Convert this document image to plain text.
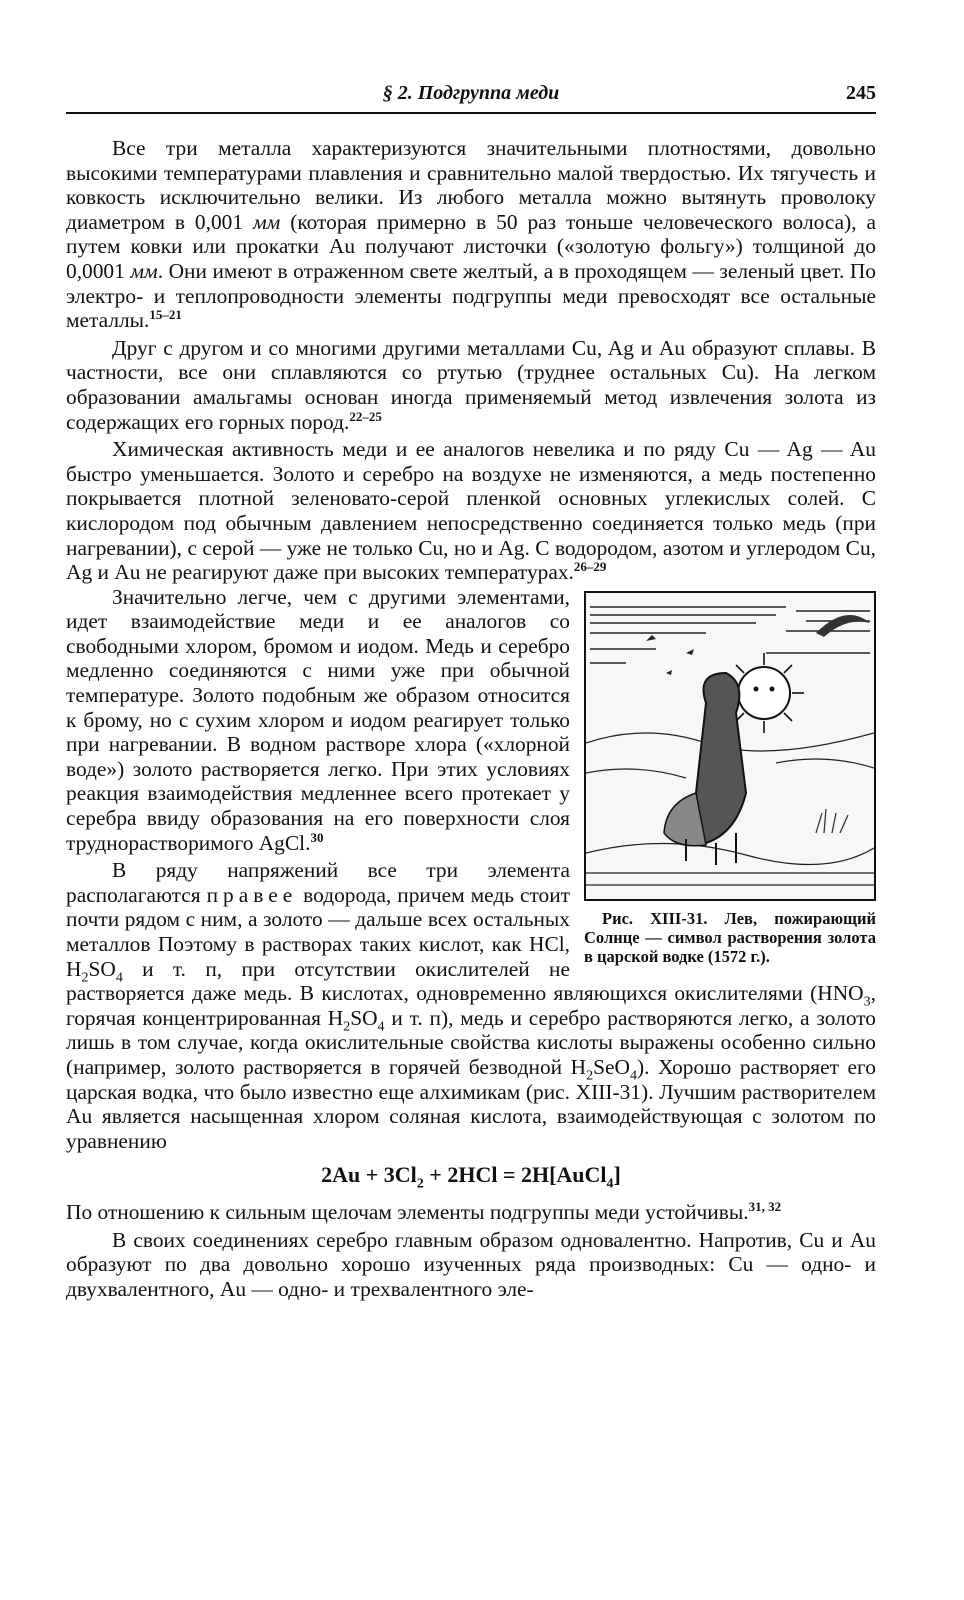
§ 2. Подгруппа меди	245

Все три металла характеризуются значительными плотностями, довольно высокими температурами плавления и сравнительно малой твердостью. Их тягучесть и ковкость исключительно велики. Из любого металла можно вытянуть проволоку диаметром в 0,001 мм (которая примерно в 50 раз тоньше человеческого волоса), а путем ковки или прокатки Au получают листочки («золотую фольгу») толщиной до 0,0001 мм. Они имеют в отраженном свете желтый, а в проходящем — зеленый цвет. По электро- и теплопроводности элементы подгруппы меди превосходят все остальные металлы.$^{15-21}$

Друг с другом и со многими другими металлами Cu, Ag и Au образуют сплавы. В частности, все они сплавляются со ртутью (труднее остальных Cu). На легком образовании амальгамы основан иногда применяемый метод извлечения золота из содержащих его горных пород.$^{22-25}$

Химическая активность меди и ее аналогов невелика и по ряду Cu — Ag — Au быстро уменьшается. Золото и серебро на воздухе не изменяются, а медь постепенно покрывается плотной зеленовато-серой пленкой основных углекислых солей. С кислородом под обычным давлением непосредственно соединяется только медь (при нагревании), с серой — уже не только Cu, но и Ag. С водородом, азотом и углеродом Cu, Ag и Au не реагируют даже при высоких температурах.$^{26-29}$

Рис. XIII-31. Лев, пожирающий Солнце — символ растворения золота в царской водке (1572 г.).

Значительно легче, чем с другими элементами, идет взаимодействие меди и ее аналогов со свободными хлором, бромом и иодом. Медь и серебро медленно соединяются с ними уже при обычной температуре. Золото подобным же образом относится к брому, но с сухим хлором и иодом реагирует только при нагревании. В водном растворе хлора («хлорной воде») золото растворяется легко. При этих условиях реакция взаимодействия медленнее всего протекает у серебра ввиду образования на его поверхности слоя труднорастворимого AgCl.$^{30}$

В ряду напряжений все три элемента располагаются правее водорода, причем медь стоит почти рядом с ним, а золото — дальше всех остальных металлов Поэтому в растворах таких кислот, как HCl, $H_2SO_4$ и т. п, при отсутствии окислителей не растворяется даже медь. В кислотах, одновременно являющихся окислителями ($HNO_3$, горячая концентрированная $H_2SO_4$ и т. п), медь и серебро растворяются легко, а золото лишь в том случае, когда окислительные свойства кислоты выражены особенно сильно (например, золото растворяется в горячей безводной $H_2SeO_4$). Хорошо растворяет его царская водка, что было известно еще алхимикам (рис. XIII-31). Лучшим растворителем Au является насыщенная хлором соляная кислота, взаимодействующая с золотом по уравнению

$2Au + 3Cl_2 + 2HCl$ = 2H[AuCl$_4$]

По отношению к сильным щелочам элементы подгруппы меди устойчивы.$^{31, 32}$

В своих соединениях серебро главным образом одновалентно. Напротив, Cu и Au образуют по два довольно хорошо изученных ряда производных: Cu — одно- и двухвалентного, Au — одно- и трехвалентного эле-
